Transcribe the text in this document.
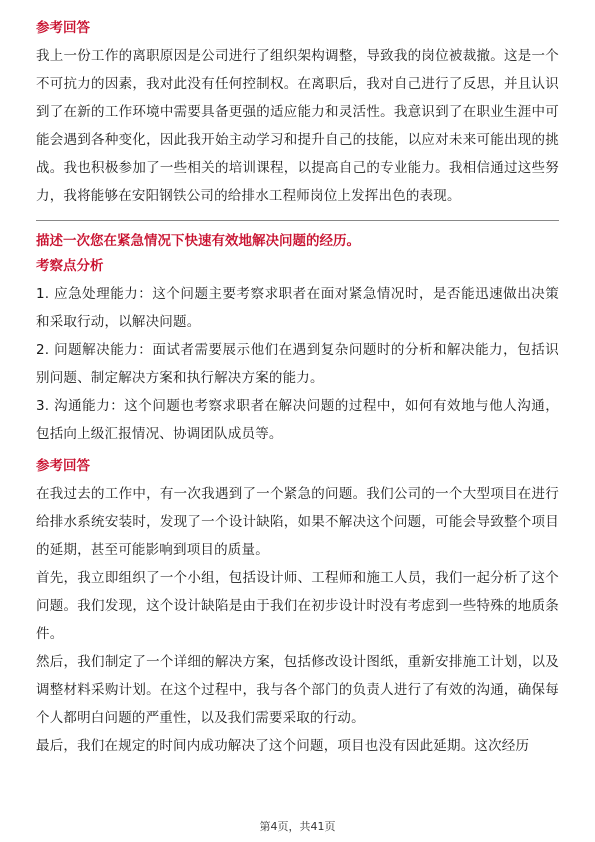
参考回答

我上一份工作的离职原因是公司进行了组织架构调整，导致我的岗位被裁撤。这是一个不可抗力的因素，我对此没有任何控制权。在离职后，我对自己进行了反思，并且认识到了在新的工作环境中需要具备更强的适应能力和灵活性。我意识到了在职业生涯中可能会遇到各种变化，因此我开始主动学习和提升自己的技能，以应对未来可能出现的挑战。我也积极参加了一些相关的培训课程，以提高自己的专业能力。我相信通过这些努力，我将能够在安阳钢铁公司的给排水工程师岗位上发挥出色的表现。

描述一次您在紧急情况下快速有效地解决问题的经历。
考察点分析

1. 应急处理能力：这个问题主要考察求职者在面对紧急情况时，是否能迅速做出决策和采取行动，以解决问题。

2. 问题解决能力：面试者需要展示他们在遇到复杂问题时的分析和解决能力，包括识别问题、制定解决方案和执行解决方案的能力。

3. 沟通能力：这个问题也考察求职者在解决问题的过程中，如何有效地与他人沟通，包括向上级汇报情况、协调团队成员等。

参考回答

在我过去的工作中，有一次我遇到了一个紧急的问题。我们公司的一个大型项目在进行给排水系统安装时，发现了一个设计缺陷，如果不解决这个问题，可能会导致整个项目的延期，甚至可能影响到项目的质量。

首先，我立即组织了一个小组，包括设计师、工程师和施工人员，我们一起分析了这个问题。我们发现，这个设计缺陷是由于我们在初步设计时没有考虑到一些特殊的地质条件。

然后，我们制定了一个详细的解决方案，包括修改设计图纸，重新安排施工计划，以及调整材料采购计划。在这个过程中，我与各个部门的负责人进行了有效的沟通，确保每个人都明白问题的严重性，以及我们需要采取的行动。

最后，我们在规定的时间内成功解决了这个问题，项目也没有因此延期。这次经历

第4页，共41页
